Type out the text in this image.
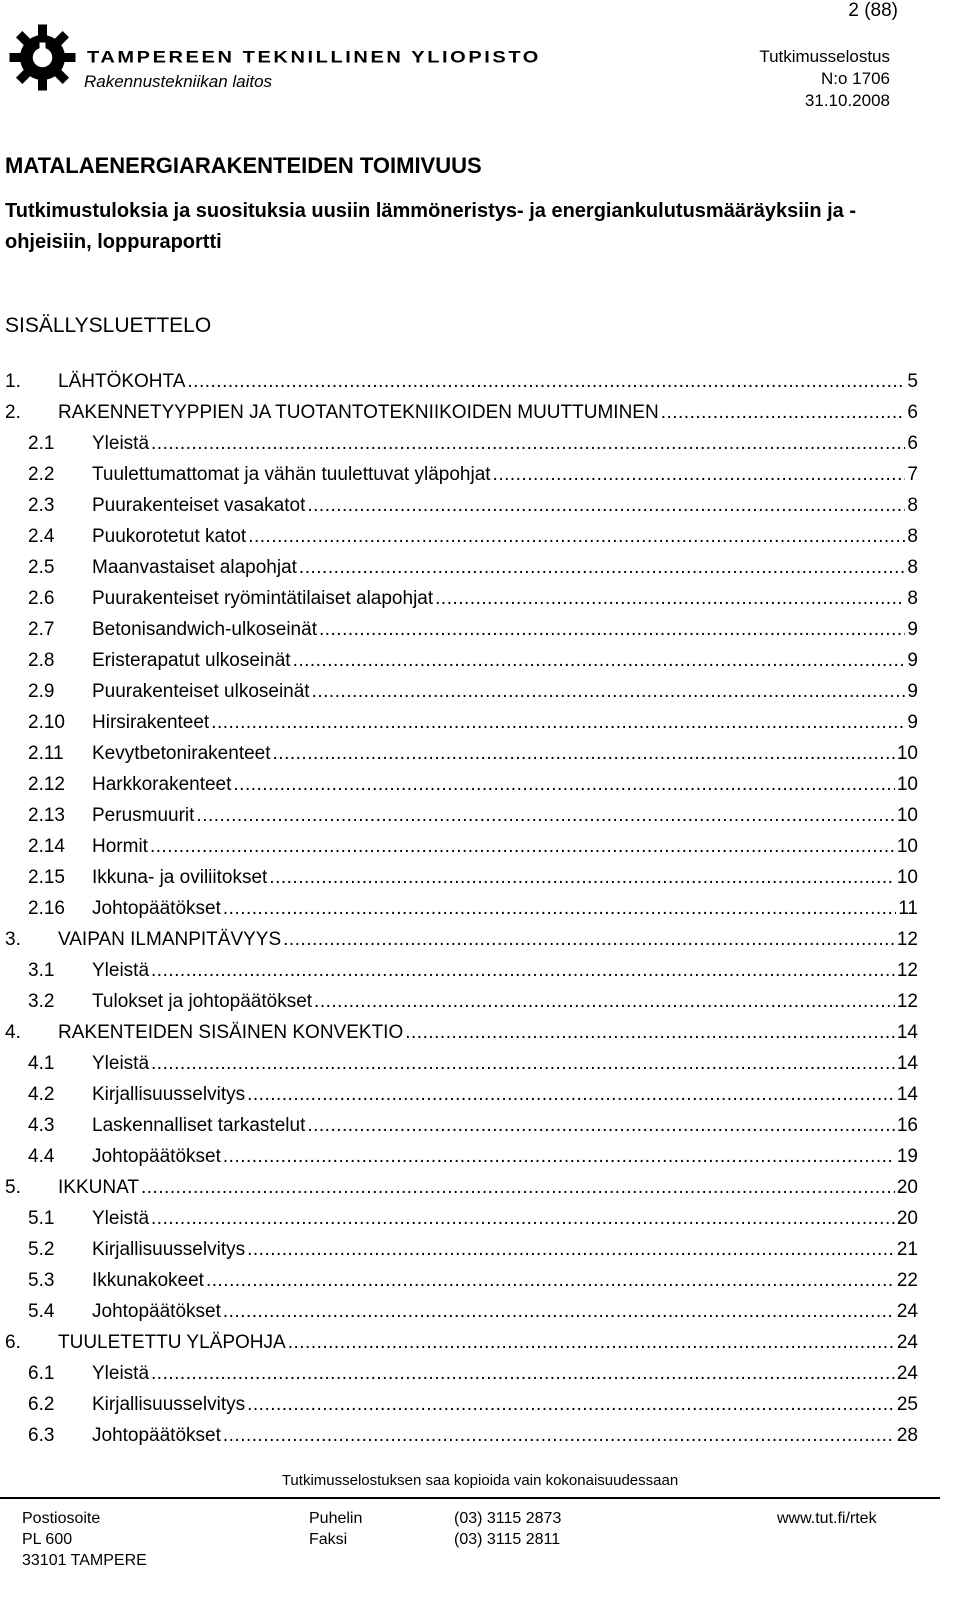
2 (88)
TAMPEREEN TEKNILLINEN YLIOPISTO
Rakennustekniikan laitos
Tutkimusselostus
N:o 1706
31.10.2008
MATALAENERGIARAKENTEIDEN TOIMIVUUS
Tutkimustuloksia ja suosituksia uusiin lämmöneristys- ja energiankulutusmääräyksiin ja -ohjeisiin, loppuraportti
SISÄLLYSLUETTELO
1.	LÄHTÖKOHTA .....	5
2.	RAKENNETYYPPIEN JA TUOTANTOTEKNIIKOIDEN MUUTTUMINEN .....	6
2.1	Yleistä .....	6
2.2	Tuulettumattomat ja vähän tuulettuvat yläpohjat .....	7
2.3	Puurakenteiset vasakatot .....	8
2.4	Puukorotetut katot .....	8
2.5	Maanvastaiset alapohjat .....	8
2.6	Puurakenteiset ryömintätilaiset alapohjat .....	8
2.7	Betonisandwich-ulkoseinät .....	9
2.8	Eristerapatut ulkoseinät .....	9
2.9	Puurakenteiset ulkoseinät .....	9
2.10	Hirsirakenteet .....	9
2.11	Kevytbetonirakenteet .....	10
2.12	Harkkorakenteet .....	10
2.13	Perusmuurit .....	10
2.14	Hormit .....	10
2.15	Ikkuna- ja oviliitokset .....	10
2.16	Johtopäätökset .....	11
3.	VAIPAN ILMANPITÄVYYS .....	12
3.1	Yleistä .....	12
3.2	Tulokset ja johtopäätökset .....	12
4.	RAKENTEIDEN SISÄINEN KONVEKTIO .....	14
4.1	Yleistä .....	14
4.2	Kirjallisuusselvitys .....	14
4.3	Laskennalliset tarkastelut .....	16
4.4	Johtopäätökset .....	19
5.	IKKUNAT .....	20
5.1	Yleistä .....	20
5.2	Kirjallisuusselvitys .....	21
5.3	Ikkunakokeet .....	22
5.4	Johtopäätökset .....	24
6.	TUULETETTU YLÄPOHJA .....	24
6.1	Yleistä .....	24
6.2	Kirjallisuusselvitys .....	25
6.3	Johtopäätökset .....	28
Tutkimusselostuksen saa kopioida vain kokonaisuudessaan
Postiosoite
PL 600
33101 TAMPERE
Puhelin
Faksi
(03) 3115 2873
(03) 3115 2811
www.tut.fi/rtek
